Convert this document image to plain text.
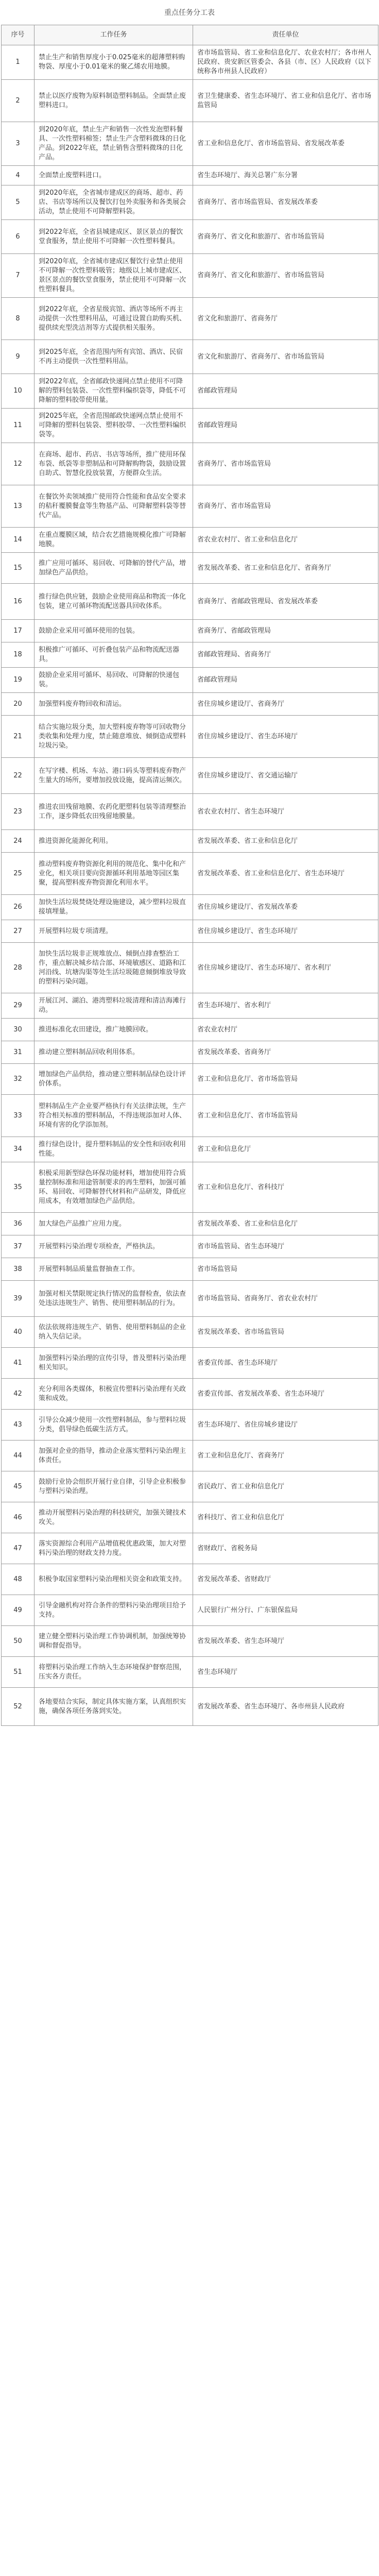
重点任务分工表
序号	工作任务	责任单位
1	禁止生产和销售厚度小于0.025毫米的超薄塑料购物袋、厚度小于0.01毫米的聚乙烯农用地膜。	省市场监管局、省工业和信息化厅、农业农村厅；各市州人民政府、贵安新区管委会、各县（市、区）人民政府（以下统称各市州县人民政府）
2	禁止以医疗废物为原料制造塑料制品。全面禁止废塑料进口。	省卫生健康委、省生态环境厅、省工业和信息化厅、省市场监管局
3	到2020年底，禁止生产和销售一次性发泡塑料餐具、一次性塑料棉签；禁止生产含塑料微珠的日化产品。到2022年底，禁止销售含塑料微珠的日化产品。	省工业和信息化厅、省市场监管局、省发展改革委
4	全面禁止废塑料进口。	省生态环境厅、海关总署广东分署
5	到2020年底，全省城市建成区的商场、超市、药店、书店等场所以及餐饮打包外卖服务和各类展会活动，禁止使用不可降解塑料袋。	省商务厅、省市场监管局、省发展改革委
6	到2022年底，全省县城建成区、景区景点的餐饮堂食服务，禁止使用不可降解一次性塑料餐具。	省商务厅、省文化和旅游厅、省市场监管局
7	到2020年底，全省城市建成区餐饮行业禁止使用不可降解一次性塑料吸管；地级以上城市建成区、景区景点的餐饮堂食服务，禁止使用不可降解一次性塑料餐具。	省商务厅、省文化和旅游厅、省市场监管局
8	到2022年底，全省星级宾馆、酒店等场所不再主动提供一次性塑料用品，可通过设置自助购买机、提供续充型洗洁剂等方式提供相关服务。	省文化和旅游厅、省商务厅
9	到2025年底，全省范围内所有宾馆、酒店、民宿不再主动提供一次性塑料用品。	省文化和旅游厅、省商务厅、省市场监管局
10	到2022年底，全省邮政快递网点禁止使用不可降解的塑料包装袋、一次性塑料编织袋等，降低不可降解的塑料胶带使用量。	省邮政管理局
11	到2025年底，全省范围邮政快递网点禁止使用不可降解的塑料包装袋、塑料胶带、一次性塑料编织袋等。	省邮政管理局
12	在商场、超市、药店、书店等场所，推广使用环保布袋、纸袋等非塑制品和可降解购物袋，鼓励设置自助式、智慧化投放装置，方便群众生活。	省商务厅、省市场监管局
13	在餐饮外卖领域推广使用符合性能和食品安全要求的秸秆覆膜餐盒等生物基产品、可降解塑料袋等替代产品。	省商务厅、省市场监管局
14	在重点覆膜区域，结合农艺措施规模化推广可降解地膜。	省农业农村厅、省工业和信息化厅
15	推广应用可循环、易回收、可降解的替代产品，增加绿色产品供给。	省发展改革委、省工业和信息化厅、省商务厅
16	推行绿色供应链，鼓励企业使用商品和物流一体化包装，建立可循环物流配送器具回收体系。	省商务厅、省邮政管理局、省发展改革委
17	鼓励企业采用可循环使用的包装。	省商务厅、省邮政管理局
18	积极推广可循环、可折叠包装产品和物流配送器具。	省邮政管理局、省商务厅
19	鼓励企业采用可循环、易回收、可降解的快递包装。	省邮政管理局
20	加强塑料废弃物回收和清运。	省住房城乡建设厅、省商务厅
21	结合实施垃圾分类，加大塑料废弃物等可回收物分类收集和处理力度，禁止随意堆放、倾倒造成塑料垃圾污染。	省住房城乡建设厅、省生态环境厅
22	在写字楼、机场、车站、港口码头等塑料废弃物产生量大的场所，要增加投放设施，提高清运频次。	省住房城乡建设厅、省交通运输厅
23	推进农田残留地膜、农药化肥塑料包装等清理整治工作，逐步降低农田残留地膜量。	省农业农村厅、省生态环境厅
24	推进资源化能源化利用。	省发展改革委、省工业和信息化厅
25	推动塑料废弃物资源化利用的规范化、集中化和产业化，相关项目要向资源循环利用基地等园区集聚，提高塑料废弃物资源化利用水平。	省发展改革委、省工业和信息化厅、省生态环境厅
26	加快生活垃圾焚烧处理设施建设，减少塑料垃圾直接填埋量。	省住房城乡建设厅、省发展改革委
27	开展塑料垃圾专项清理。	省住房城乡建设厅、省生态环境厅
28	加快生活垃圾非正规堆放点、倾倒点排查整治工作，重点解决城乡结合部、环境敏感区、道路和江河沿线、坑塘沟渠等处生活垃圾随意倾倒堆放导致的塑料污染问题。	省住房城乡建设厅、省生态环境厅、省水利厅
29	开展江河、湖泊、港湾塑料垃圾清理和清洁海滩行动。	省生态环境厅、省水利厅
30	推进标准化农田建设，推广地膜回收。	省农业农村厅
31	推动建立塑料制品回收利用体系。	省发展改革委、省商务厅
32	增加绿色产品供给，推动建立塑料制品绿色设计评价体系。	省工业和信息化厅、省市场监管局
33	塑料制品生产企业要严格执行有关法律法规，生产符合相关标准的塑料制品，不得违规添加对人体、环境有害的化学添加剂。	省工业和信息化厅、省市场监管局
34	推行绿色设计，提升塑料制品的安全性和回收利用性能。	省工业和信息化厅
35	积极采用新型绿色环保功能材料，增加使用符合质量控制标准和用途管制要求的再生塑料，加强可循环、易回收、可降解替代材料和产品研发，降低应用成本，有效增加绿色产品供给。	省工业和信息化厅、省科技厅
36	加大绿色产品推广应用力度。	省发展改革委、省工业和信息化厅
37	开展塑料污染治理专项检查，严格执法。	省市场监管局、省生态环境厅
38	开展塑料制品质量监督抽查工作。	省市场监管局
39	加强对相关禁限规定执行情况的监督检查，依法查处违法违规生产、销售、使用塑料制品的行为。	省市场监管局、省商务厅、省农业农村厅
40	依法依规将违规生产、销售、使用塑料制品的企业纳入失信记录。	省发展改革委、省市场监管局
41	加强塑料污染治理的宣传引导，普及塑料污染治理相关知识。	省委宣传部、省生态环境厅
42	充分利用各类媒体，积极宣传塑料污染治理有关政策和成效。	省委宣传部、省发展改革委、省生态环境厅
43	引导公众减少使用一次性塑料制品，参与塑料垃圾分类，倡导绿色低碳生活方式。	省生态环境厅、省住房城乡建设厅
44	加强对企业的指导，推动企业落实塑料污染治理主体责任。	省工业和信息化厅、省商务厅
45	鼓励行业协会组织开展行业自律，引导企业积极参与塑料污染治理。	省民政厅、省工业和信息化厅
46	推动开展塑料污染治理的科技研究，加强关键技术攻关。	省科技厅、省工业和信息化厅
47	落实资源综合利用产品增值税优惠政策，加大对塑料污染治理的财政支持力度。	省财政厅、省税务局
48	积极争取国家塑料污染治理相关资金和政策支持。	省发展改革委、省财政厅
49	引导金融机构对符合条件的塑料污染治理项目给予支持。	人民银行广州分行、广东银保监局
50	建立健全塑料污染治理工作协调机制，加强统筹协调和督促指导。	省发展改革委、省生态环境厅
51	将塑料污染治理工作纳入生态环境保护督察范围，压实各方责任。	省生态环境厅
52	各地要结合实际，制定具体实施方案，认真组织实施，确保各项任务落到实处。	省发展改革委、省生态环境厅、各市州县人民政府
